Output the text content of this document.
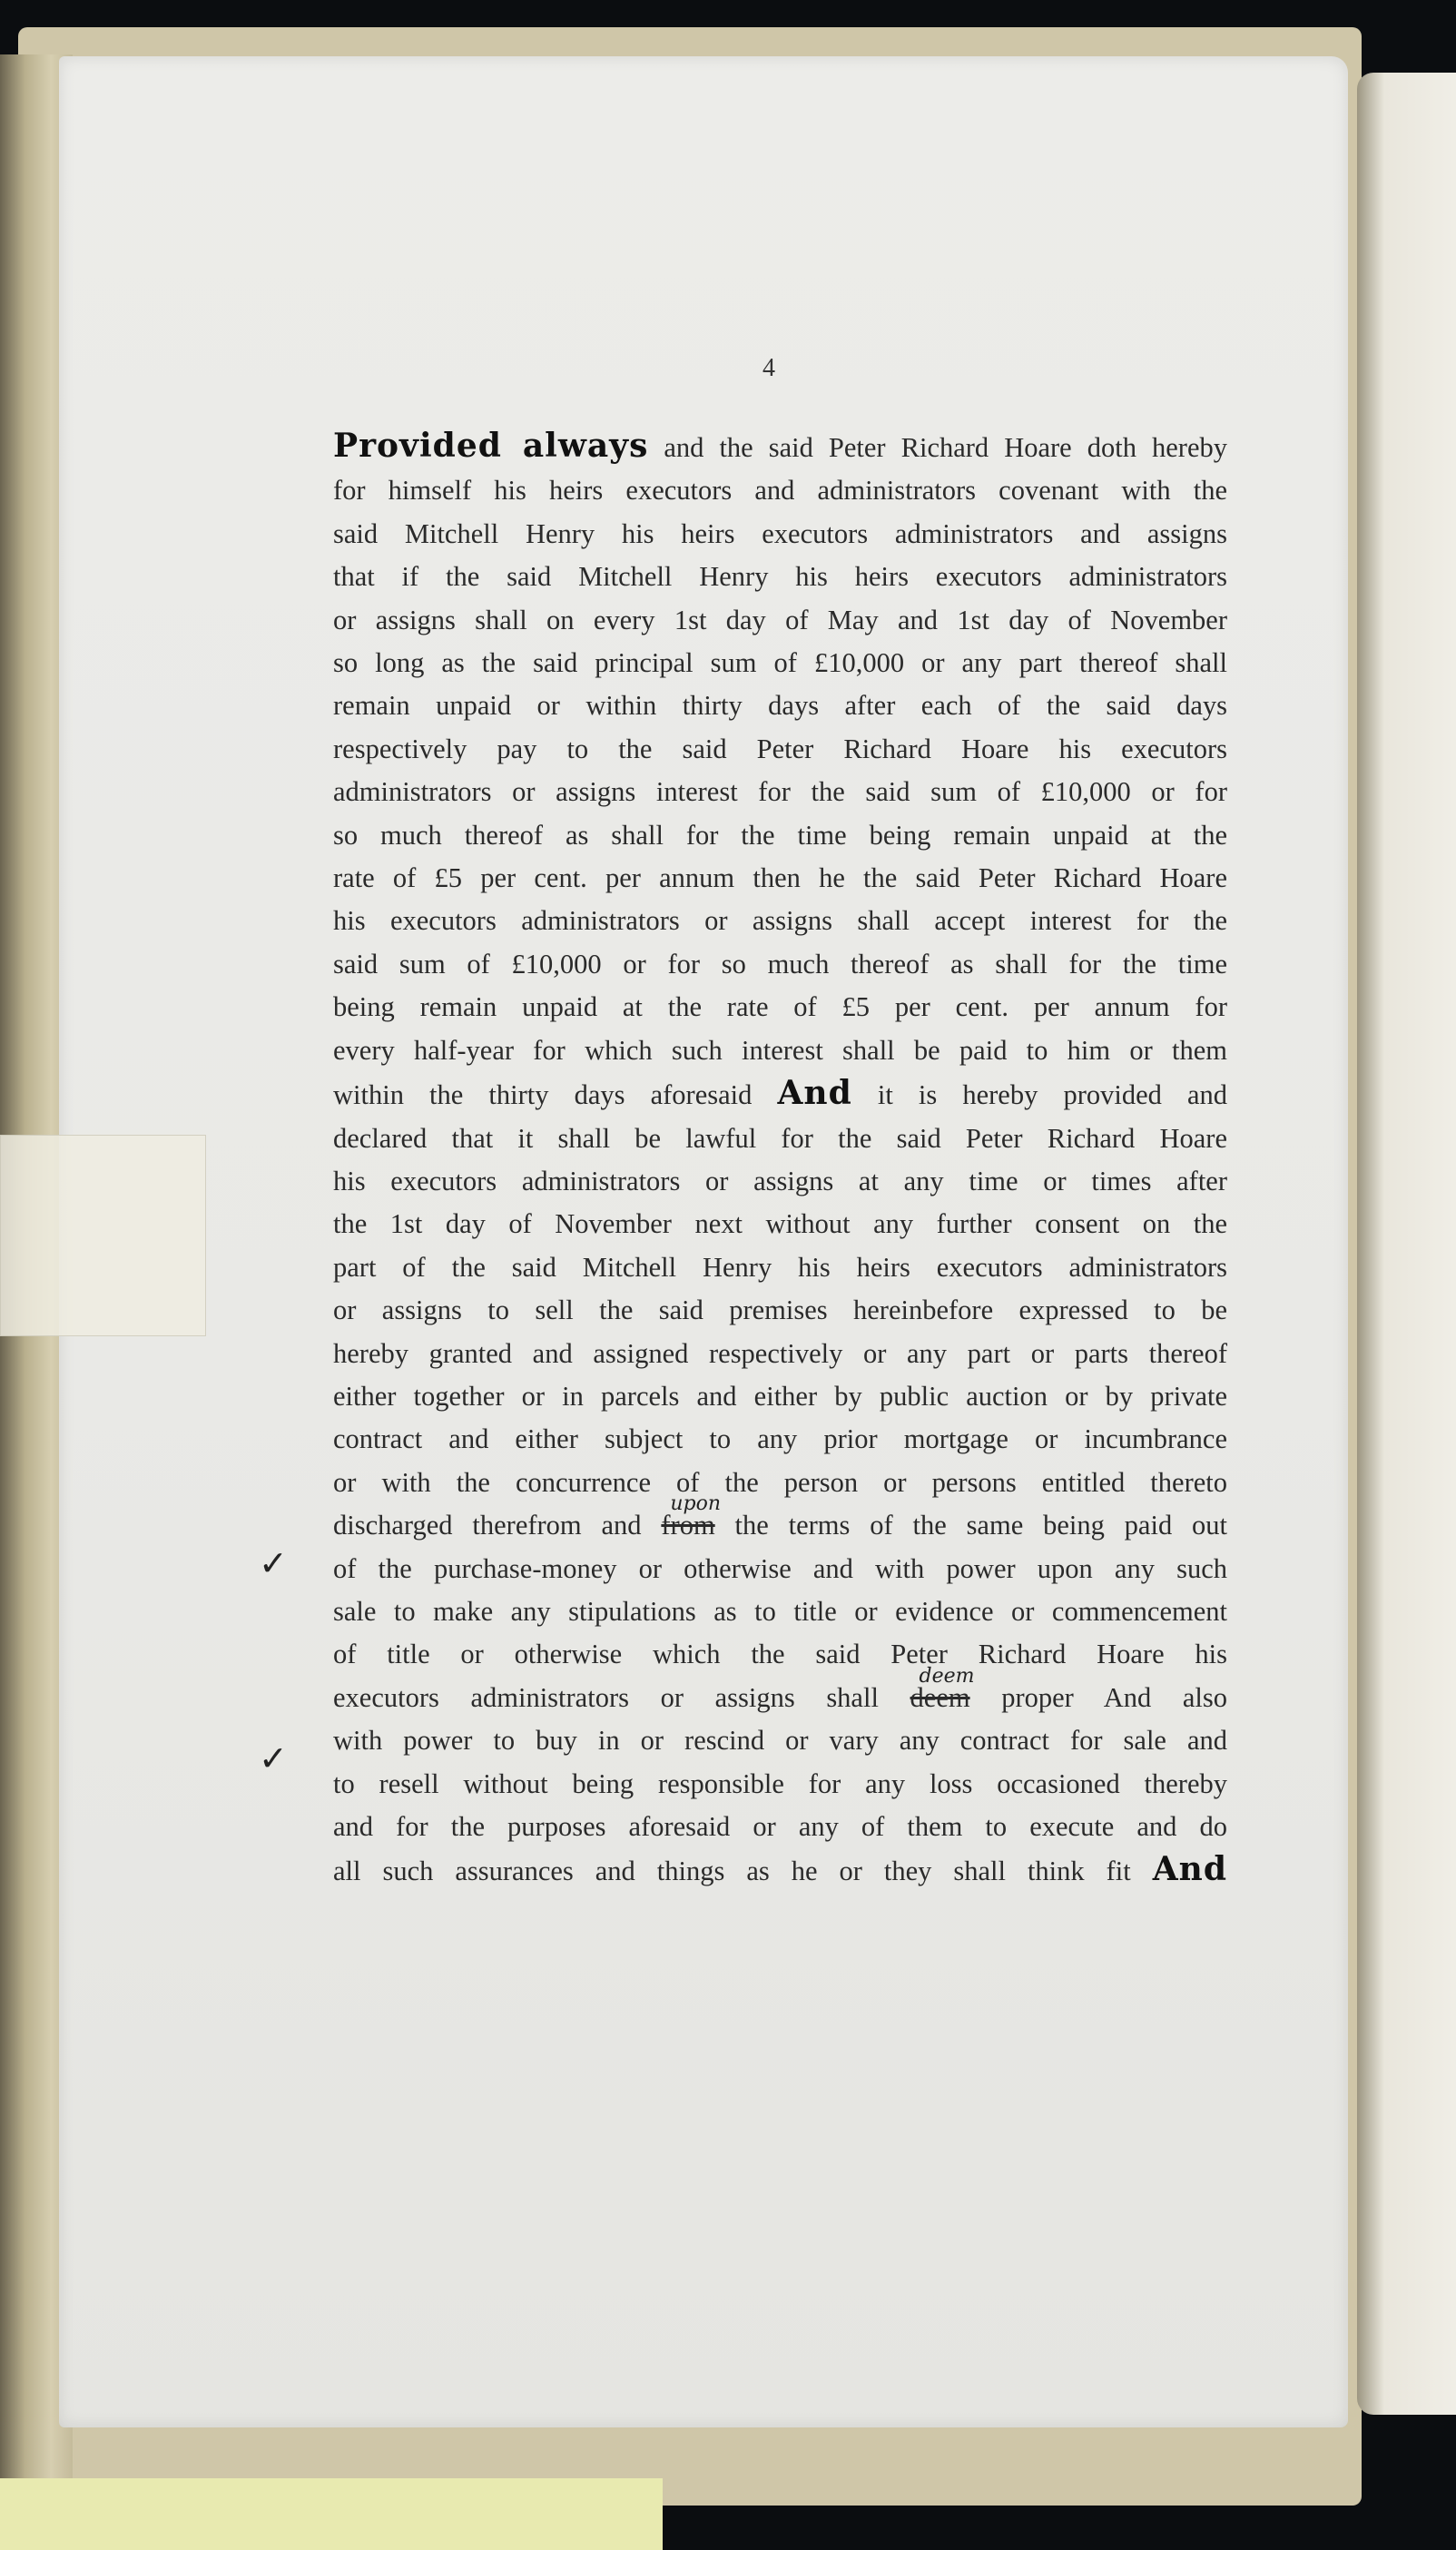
4
✓
✓
Provided always and the said Peter Richard Hoare doth hereby
for himself his heirs executors and administrators covenant with the
said Mitchell Henry his heirs executors administrators and assigns
that if the said Mitchell Henry his heirs executors administrators
or assigns shall on every 1st day of May and 1st day of November
so long as the said principal sum of £10,000 or any part thereof shall
remain unpaid or within thirty days after each of the said days
respectively pay to the said Peter Richard Hoare his executors
administrators or assigns interest for the said sum of £10,000 or for
so much thereof as shall for the time being remain unpaid at the
rate of £5 per cent. per annum then he the said Peter Richard Hoare
his executors administrators or assigns shall accept interest for the
said sum of £10,000 or for so much thereof as shall for the time
being remain unpaid at the rate of £5 per cent. per annum for
every half-year for which such interest shall be paid to him or them
within the thirty days aforesaid And it is hereby provided and
declared that it shall be lawful for the said Peter Richard Hoare
his executors administrators or assigns at any time or times after
the 1st day of November next without any further consent on the
part of the said Mitchell Henry his heirs executors administrators
or assigns to sell the said premises hereinbefore expressed to be
hereby granted and assigned respectively or any part or parts thereof
either together or in parcels and either by public auction or by private
contract and either subject to any prior mortgage or incumbrance
or with the concurrence of the person or persons entitled thereto
discharged therefrom and from
upon
the terms of the same being paid out
of the purchase-money or otherwise and with power upon any such
sale to make any stipulations as to title or evidence or commencement
of title or otherwise which the said Peter Richard Hoare his
executors administrators or assigns shall deem
deem
proper And also
with power to buy in or rescind or vary any contract for sale and
to resell without being responsible for any loss occasioned thereby
and for the purposes aforesaid or any of them to execute and do
all such assurances and things as he or they shall think fit And
